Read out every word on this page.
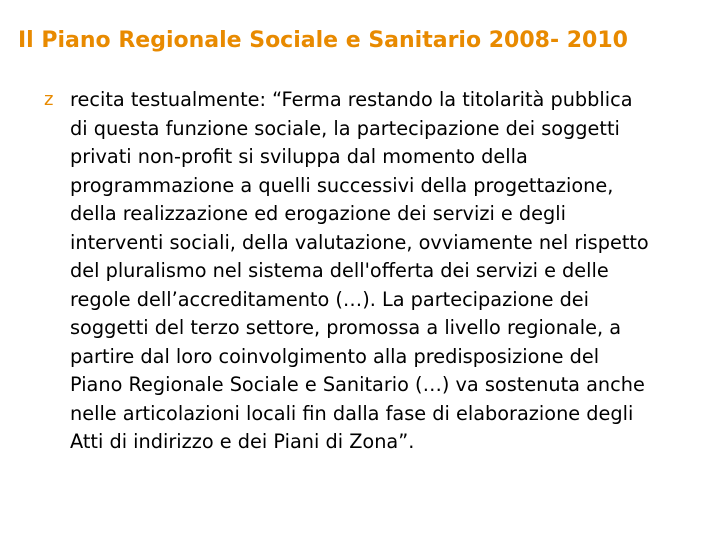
Il Piano Regionale Sociale e Sanitario 2008- 2010
z recita testualmente: “Ferma restando la titolarità pubblica
di questa funzione sociale, la partecipazione dei soggetti
privati non-profit si sviluppa dal momento della
programmazione a quelli successivi della progettazione,
della realizzazione ed erogazione dei servizi e degli
interventi sociali, della valutazione, ovviamente nel rispetto
del pluralismo nel sistema dell'offerta dei servizi e delle
regole dell’accreditamento (…). La partecipazione dei
soggetti del terzo settore, promossa a livello regionale, a
partire dal loro coinvolgimento alla predisposizione del
Piano Regionale Sociale e Sanitario (…) va sostenuta anche
nelle articolazioni locali fin dalla fase di elaborazione degli
Atti di indirizzo e dei Piani di Zona”.
